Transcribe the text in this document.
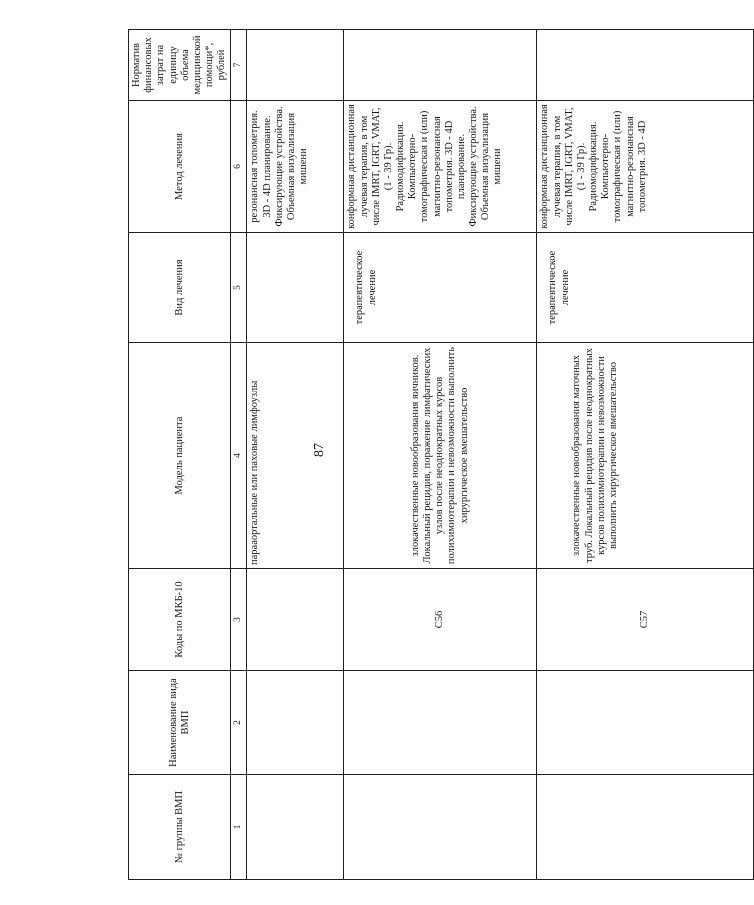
87
№ группы ВМП	Наименование вида ВМП	Коды по МКБ-10	Модель пациента	Вид лечения	Метод лечения	Норматив финансовых затрат на единицу объема медицинской помощи*, рублей
1	2	3	4	5	6	7
			парааортальные или паховые лимфоузлы		резонансная топометрия. 3D - 4D планирование. Фиксирующие устройства. Объемная визуализация мишени	
		C56	злокачественные новообразования яичников. Локальный рецидив, поражение лимфатических узлов после неоднократных курсов полихимиотерапии и невозможности выполнить хирургическое вмешательство	терапевтическое лечение	конформная дистанционная лучевая терапия, в том числе IMRT, IGRT, VMAT, (1 - 39 Гр). Радиомодификация. Компьютерно-томографическая и (или) магнитно-резонансная топометрия. 3D - 4D планирование. Фиксирующие устройства. Объемная визуализация мишени	
		C57	злокачественные новообразования маточных труб. Локальный рецидив после неоднократных курсов полихимиотерапии и невозможности выполнить хирургическое вмешательство	терапевтическое лечение	конформная дистанционная лучевая терапия, в том числе IMRT, IGRT, VMAT, (1 - 39 Гр). Радиомодификация. Компьютерно-томографическая и (или) магнитно-резонансная топометрия. 3D - 4D	
